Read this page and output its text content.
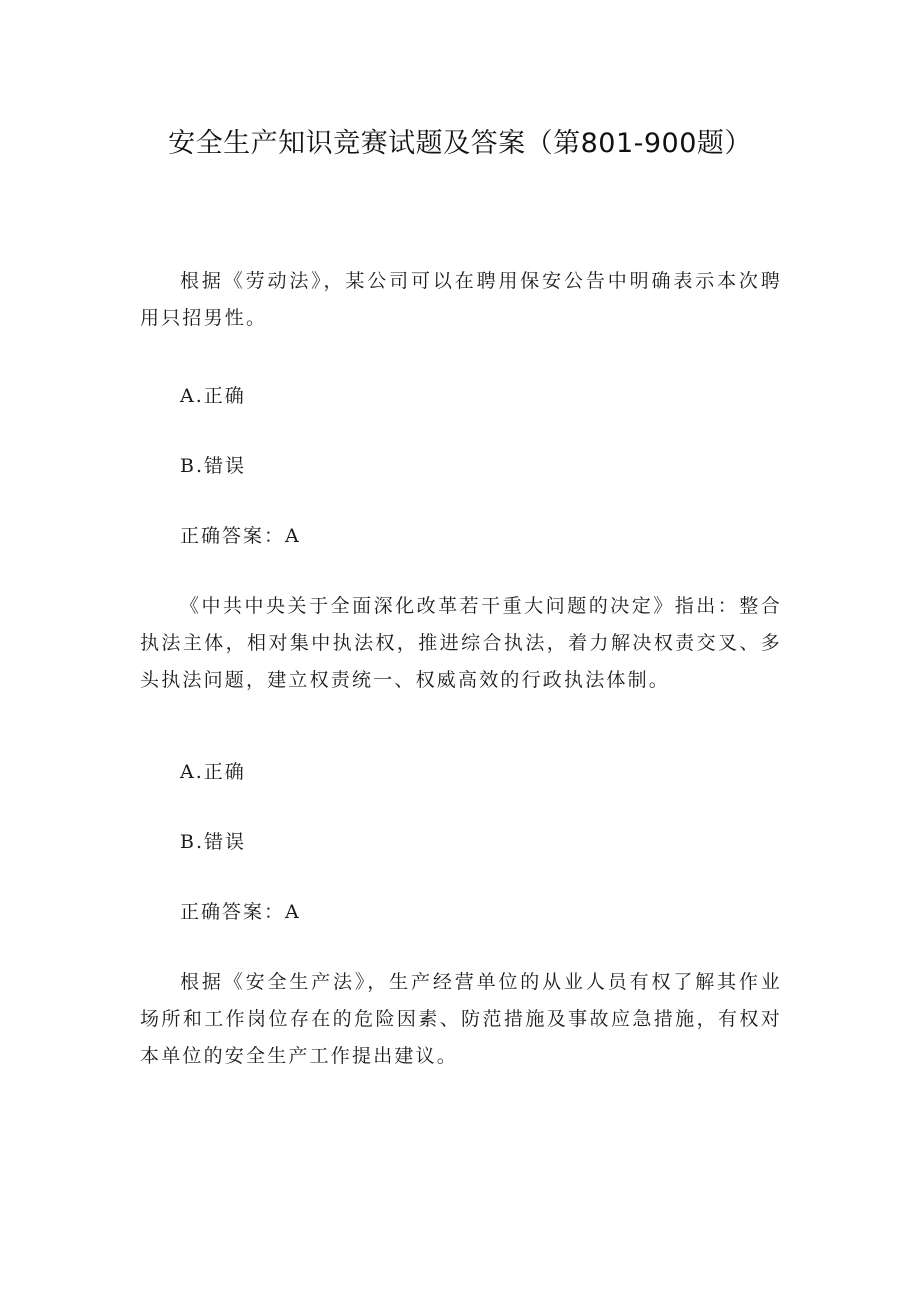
安全生产知识竞赛试题及答案（第801-900题）

根据《劳动法》，某公司可以在聘用保安公告中明确表示本次聘用只招男性。

A.正确

B.错误

正确答案：A

《中共中央关于全面深化改革若干重大问题的决定》指出：整合执法主体，相对集中执法权，推进综合执法，着力解决权责交叉、多头执法问题，建立权责统一、权威高效的行政执法体制。

A.正确

B.错误

正确答案：A

根据《安全生产法》，生产经营单位的从业人员有权了解其作业场所和工作岗位存在的危险因素、防范措施及事故应急措施，有权对本单位的安全生产工作提出建议。
